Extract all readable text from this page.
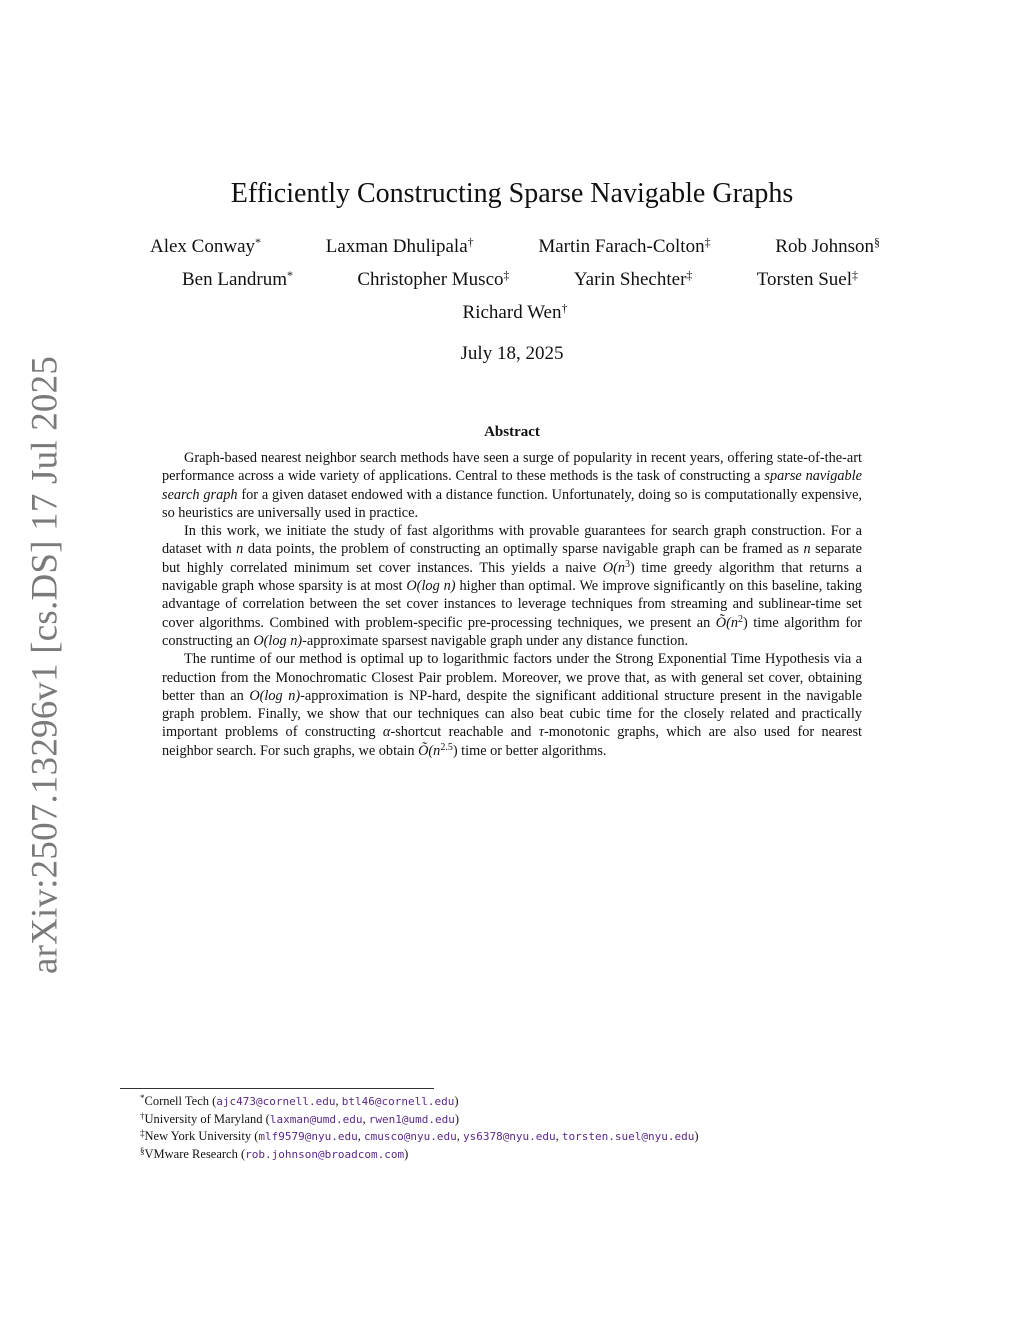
arXiv:2507.13296v1 [cs.DS] 17 Jul 2025
Efficiently Constructing Sparse Navigable Graphs
Alex Conway*	Laxman Dhulipala†	Martin Farach-Colton‡	Rob Johnson§
Ben Landrum*	Christopher Musco‡	Yarin Shechter‡	Torsten Suel‡
Richard Wen†
July 18, 2025
Abstract

Graph-based nearest neighbor search methods have seen a surge of popularity in recent years, offering state-of-the-art performance across a wide variety of applications. Central to these methods is the task of constructing a sparse navigable search graph for a given dataset endowed with a distance function. Unfortunately, doing so is computationally expensive, so heuristics are universally used in practice.

In this work, we initiate the study of fast algorithms with provable guarantees for search graph construction. For a dataset with n data points, the problem of constructing an optimally sparse navigable graph can be framed as n separate but highly correlated minimum set cover instances. This yields a naive $O(n^3)$ time greedy algorithm that returns a navigable graph whose sparsity is at most O(log n) higher than optimal. We improve significantly on this baseline, taking advantage of correlation between the set cover instances to leverage techniques from streaming and sublinear-time set cover algorithms. Combined with problem-specific pre-processing techniques, we present an $Õ(n^2)$ time algorithm for constructing an O(log n)-approximate sparsest navigable graph under any distance function.

The runtime of our method is optimal up to logarithmic factors under the Strong Exponential Time Hypothesis via a reduction from the Monochromatic Closest Pair problem. Moreover, we prove that, as with general set cover, obtaining better than an O(log n)-approximation is NP-hard, despite the significant additional structure present in the navigable graph problem. Finally, we show that our techniques can also beat cubic time for the closely related and practically important problems of constructing α-shortcut reachable and τ-monotonic graphs, which are also used for nearest neighbor search. For such graphs, we obtain $Õ(n^{2.5})$ time or better algorithms.

*Cornell Tech (ajc473@cornell.edu, btl46@cornell.edu)
†University of Maryland (laxman@umd.edu, rwen1@umd.edu)
‡New York University (mlf9579@nyu.edu, cmusco@nyu.edu, ys6378@nyu.edu, torsten.suel@nyu.edu)
§VMware Research (rob.johnson@broadcom.com)
